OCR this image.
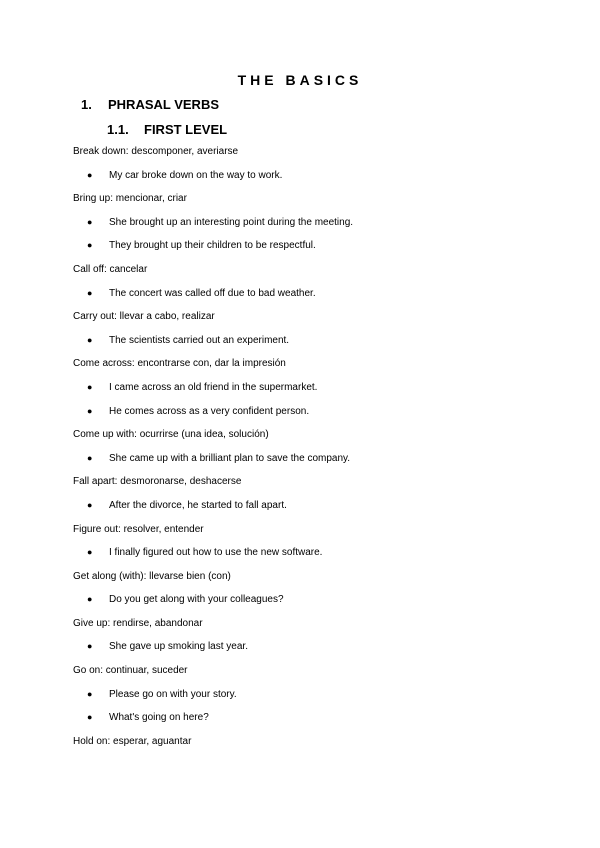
THE BASICS
1. PHRASAL VERBS
1.1. FIRST LEVEL

Break down: descomponer, averiarse

● My car broke down on the way to work.

Bring up: mencionar, criar

● She brought up an interesting point during the meeting.

● They brought up their children to be respectful.

Call off: cancelar

● The concert was called off due to bad weather.

Carry out: llevar a cabo, realizar

● The scientists carried out an experiment.

Come across: encontrarse con, dar la impresión

● I came across an old friend in the supermarket.

● He comes across as a very confident person.

Come up with: ocurrirse (una idea, solución)

● She came up with a brilliant plan to save the company.

Fall apart: desmoronarse, deshacerse

● After the divorce, he started to fall apart.

Figure out: resolver, entender

● I finally figured out how to use the new software.

Get along (with): llevarse bien (con)

● Do you get along with your colleagues?

Give up: rendirse, abandonar

● She gave up smoking last year.

Go on: continuar, suceder

● Please go on with your story.

● What's going on here?

Hold on: esperar, aguantar
